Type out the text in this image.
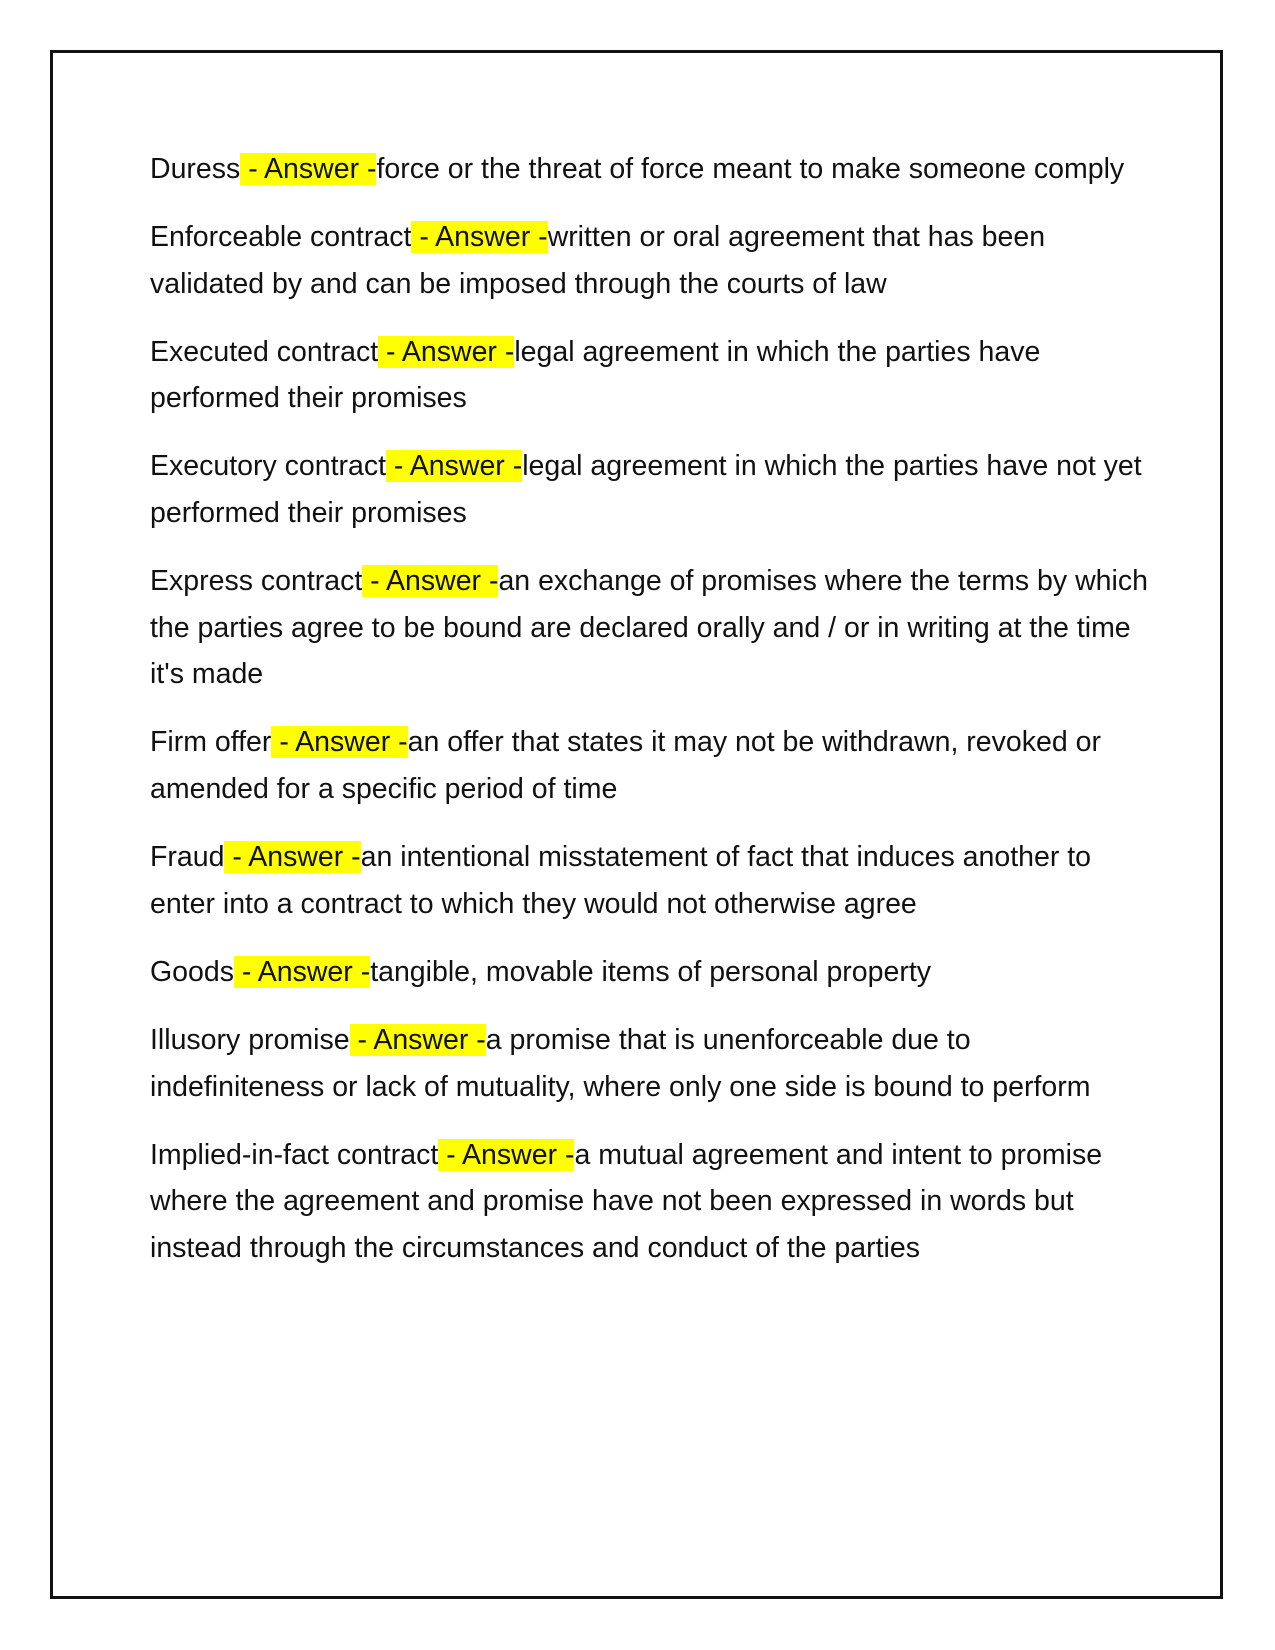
Duress - Answer -force or the threat of force meant to make someone comply

Enforceable contract - Answer -written or oral agreement that has been validated by and can be imposed through the courts of law

Executed contract - Answer -legal agreement in which the parties have performed their promises

Executory contract - Answer -legal agreement in which the parties have not yet performed their promises

Express contract - Answer -an exchange of promises where the terms by which the parties agree to be bound are declared orally and / or in writing at the time it's made

Firm offer - Answer -an offer that states it may not be withdrawn, revoked or amended for a specific period of time

Fraud - Answer -an intentional misstatement of fact that induces another to enter into a contract to which they would not otherwise agree

Goods - Answer -tangible, movable items of personal property

Illusory promise - Answer -a promise that is unenforceable due to indefiniteness or lack of mutuality, where only one side is bound to perform

Implied-in-fact contract - Answer -a mutual agreement and intent to promise where the agreement and promise have not been expressed in words but instead through the circumstances and conduct of the parties
